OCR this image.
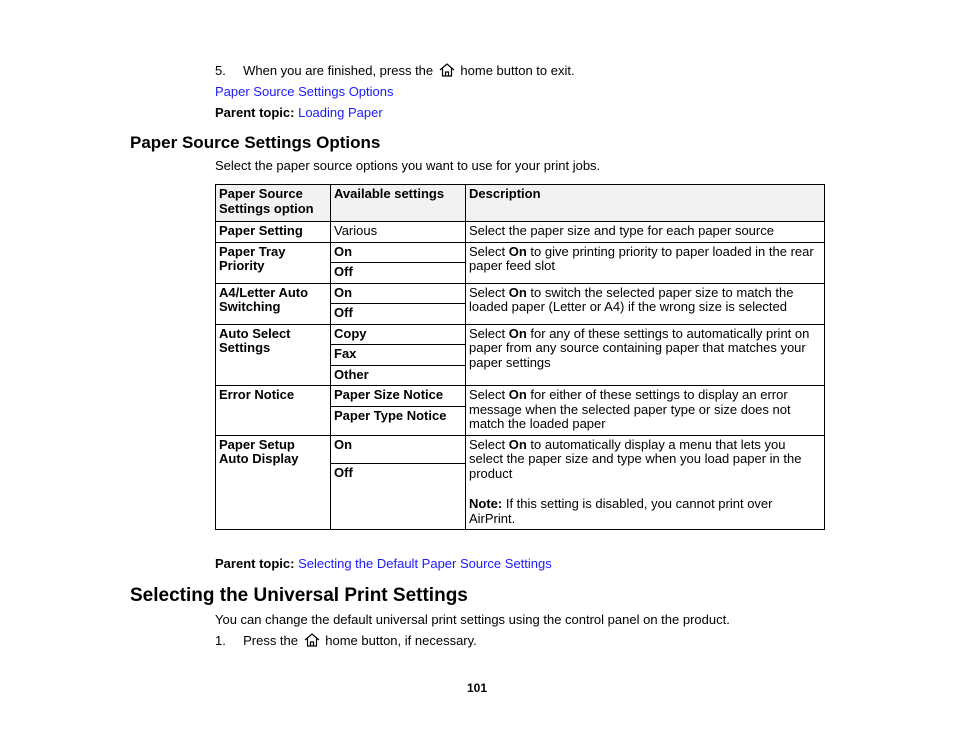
5. When you are finished, press the home button to exit.
Paper Source Settings Options
Parent topic: Loading Paper
Paper Source Settings Options
Select the paper source options you want to use for your print jobs.
Paper Source Settings option	Available settings	Description
Paper Setting	Various	Select the paper size and type for each paper source
Paper Tray Priority	On	Select On to give printing priority to paper loaded in the rear paper feed slot
	Off	
A4/Letter Auto Switching	On	Select On to switch the selected paper size to match the loaded paper (Letter or A4) if the wrong size is selected
	Off	
Auto Select Settings	Copy	Select On for any of these settings to automatically print on paper from any source containing paper that matches your paper settings
	Fax	
	Other	
Error Notice	Paper Size Notice	Select On for either of these settings to display an error message when the selected paper type or size does not match the loaded paper
	Paper Type Notice	
Paper Setup Auto Display	On	Select On to automatically display a menu that lets you select the paper size and type when you load paper in the product
Note: If this setting is disabled, you cannot print over AirPrint.
	Off	
Parent topic: Selecting the Default Paper Source Settings
Selecting the Universal Print Settings
You can change the default universal print settings using the control panel on the product.
1. Press the home button, if necessary.
101
